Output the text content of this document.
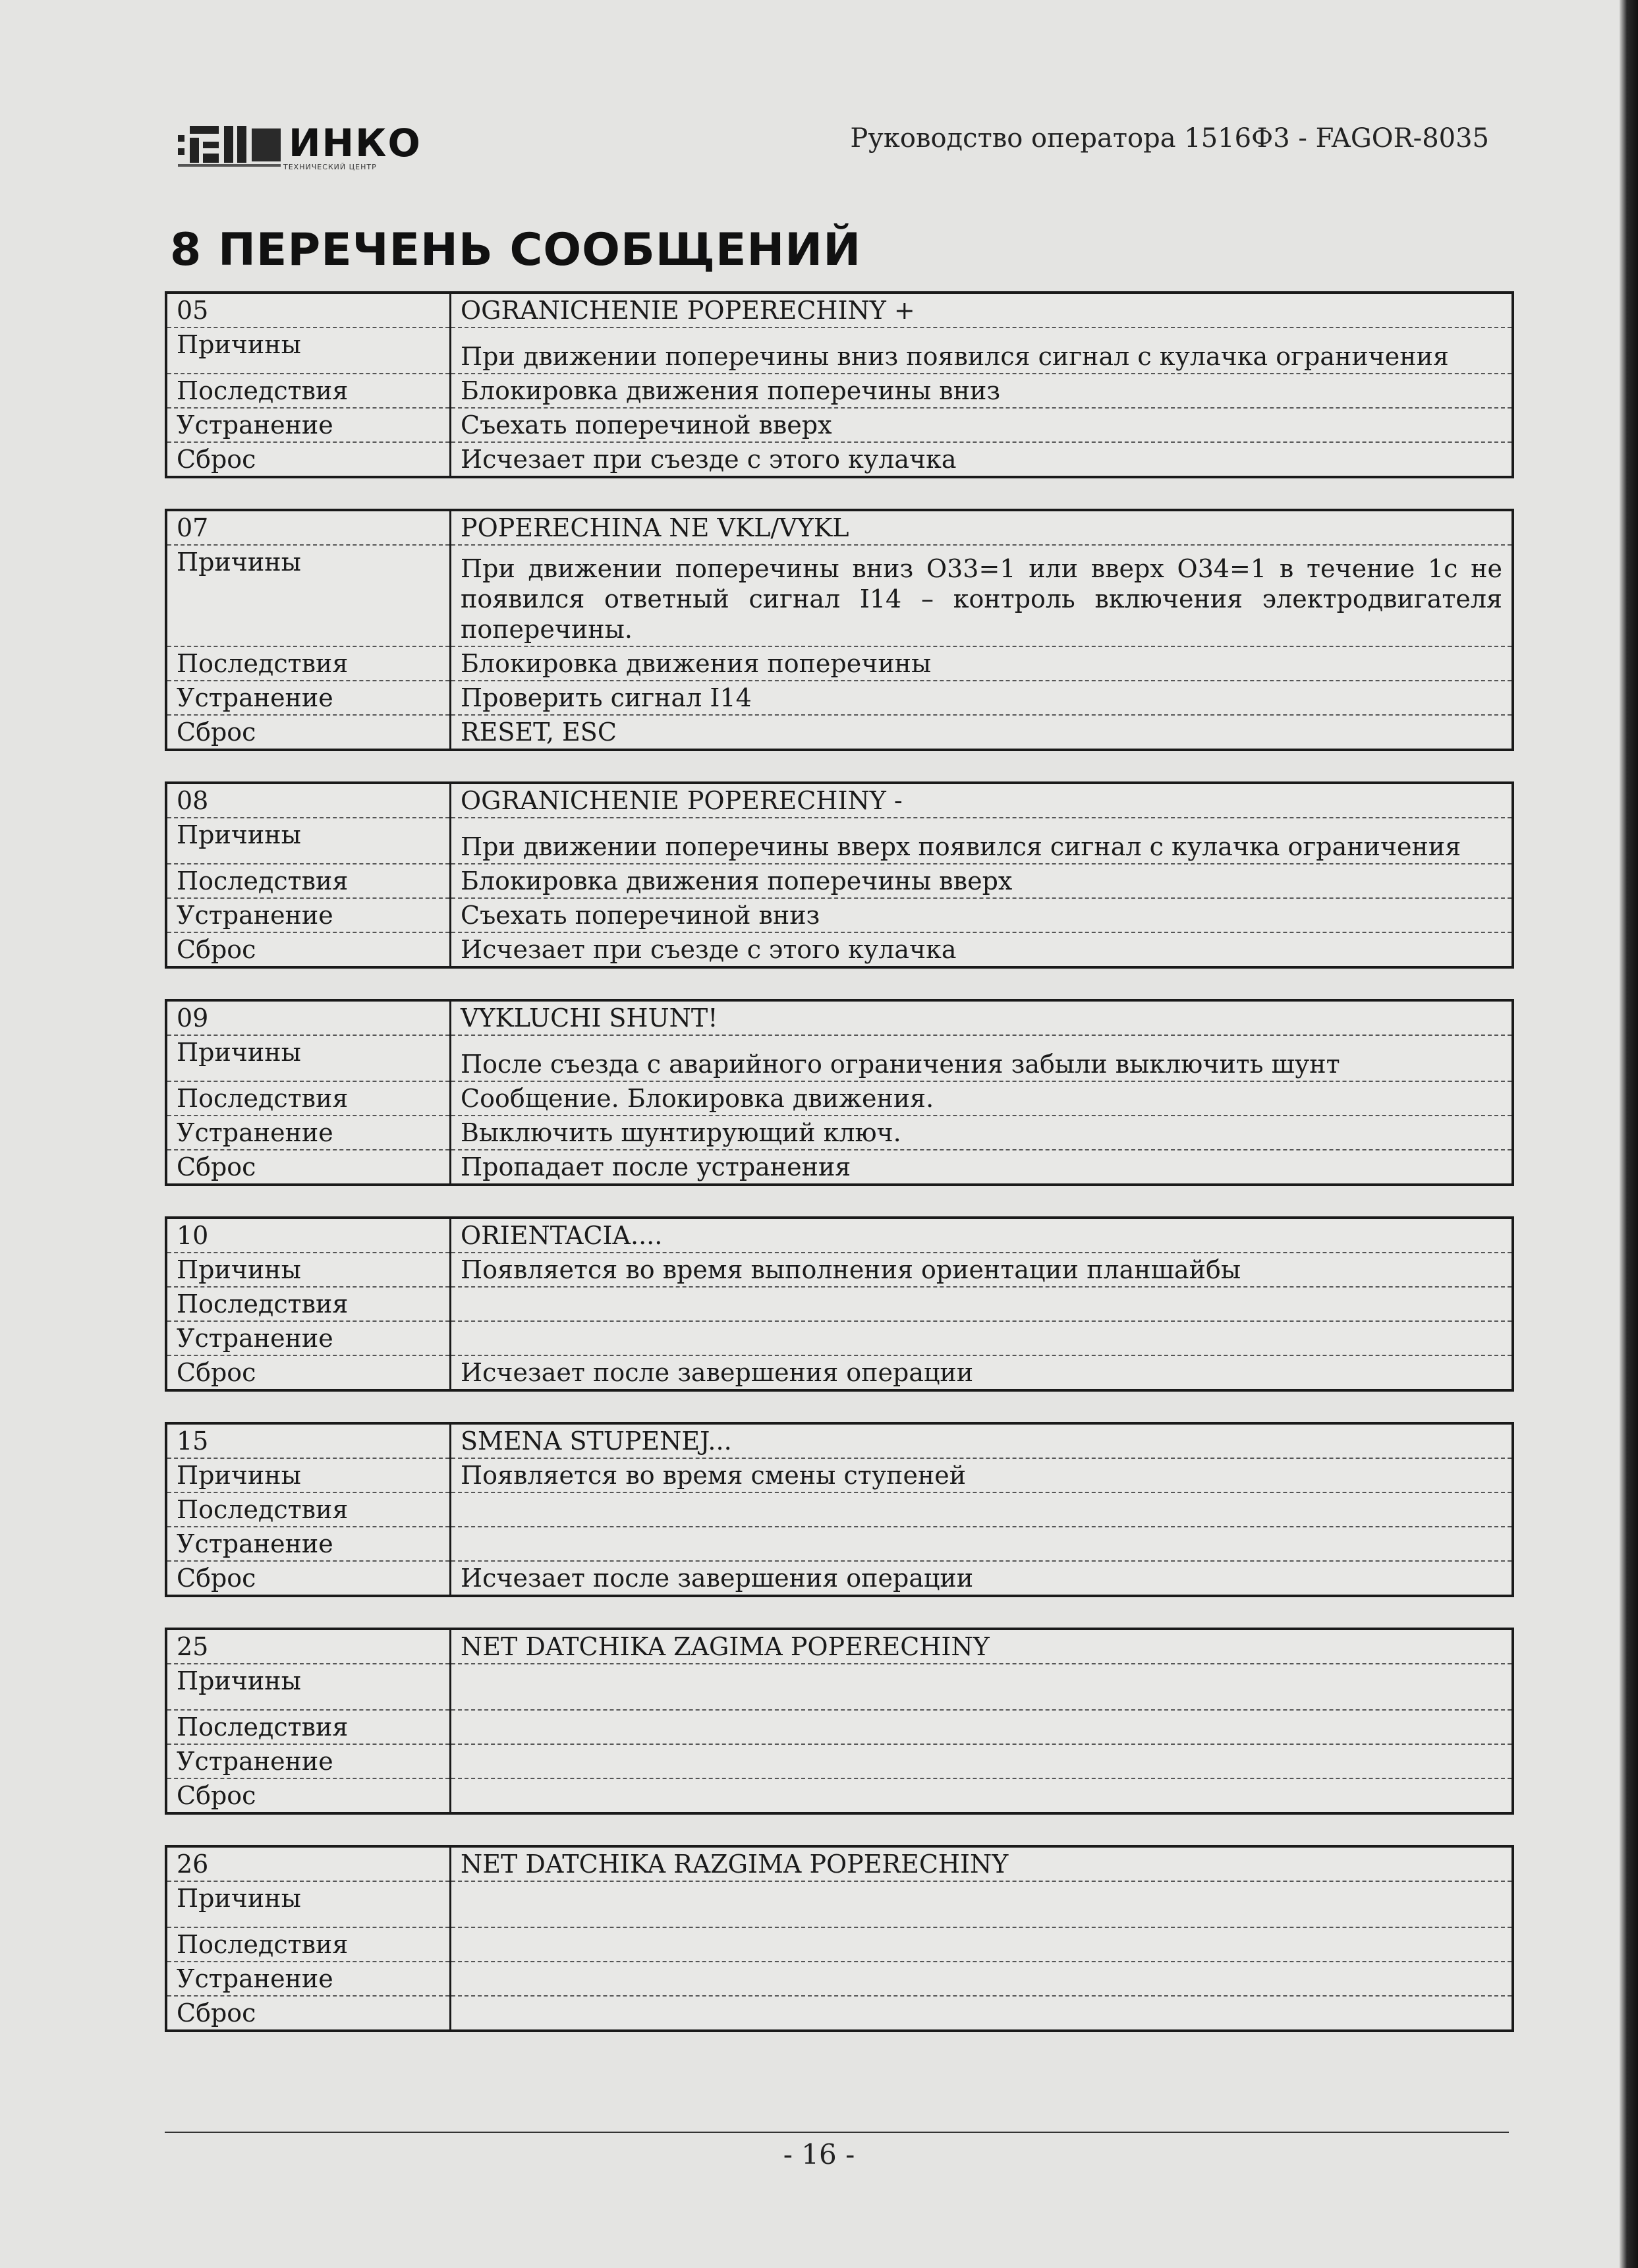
ИНКО
ТЕХНИЧЕСКИЙ ЦЕНТР
Руководство оператора 1516Ф3 - FAGOR-8035
8 ПЕРЕЧЕНЬ СООБЩЕНИЙ
05	OGRANICHENIE POPERECHINY +
Причины	При движении поперечины вниз появился сигнал с кулачка ограничения
Последствия	Блокировка движения поперечины вниз
Устранение	Съехать поперечиной вверх
Сброс	Исчезает при съезде с этого кулачка
07	POPERECHINA NE VKL/VYKL
Причины	При движении поперечины вниз O33=1 или вверх O34=1 в течение 1с не появился ответный сигнал I14 – контроль включения электродвигателя поперечины.
Последствия	Блокировка движения поперечины
Устранение	Проверить сигнал I14
Сброс	RESET, ESC
08	OGRANICHENIE POPERECHINY -
Причины	При движении поперечины вверх появился сигнал с кулачка ограничения
Последствия	Блокировка движения поперечины вверх
Устранение	Съехать поперечиной вниз
Сброс	Исчезает при съезде с этого кулачка
09	VYKLUCHI SHUNT!
Причины	После съезда с аварийного ограничения забыли выключить шунт
Последствия	Сообщение. Блокировка движения.
Устранение	Выключить шунтирующий ключ.
Сброс	Пропадает после устранения
10	ORIENTACIA....
Причины	Появляется во время выполнения ориентации планшайбы
Последствия	
Устранение	
Сброс	Исчезает после завершения операции
15	SMENA STUPENEJ...
Причины	Появляется во время смены ступеней
Последствия	
Устранение	
Сброс	Исчезает после завершения операции
25	NET DATCHIKA ZAGIMA POPERECHINY
Причины	
Последствия	
Устранение	
Сброс	
26	NET DATCHIKA RAZGIMA POPERECHINY
Причины	
Последствия	
Устранение	
Сброс	
- 16 -
